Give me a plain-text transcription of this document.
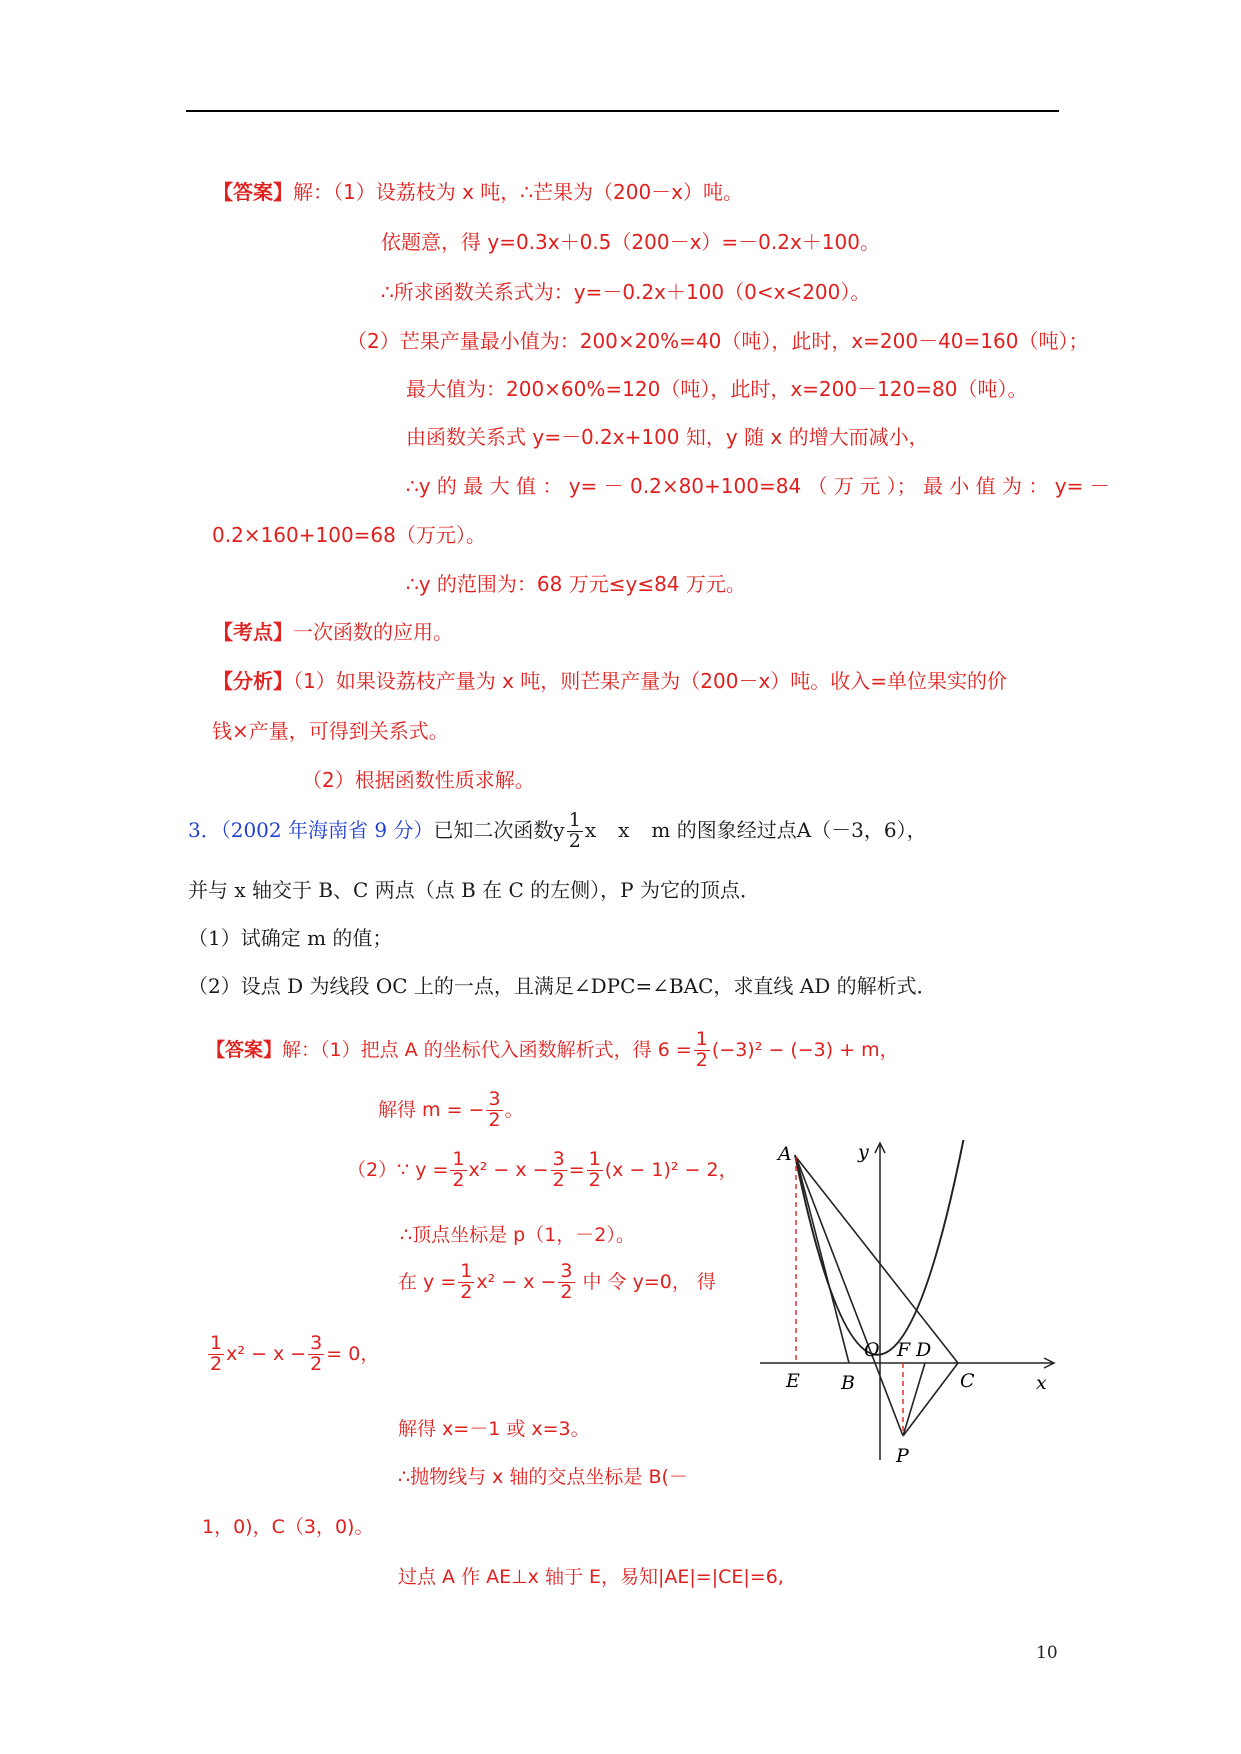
【答案】解：（1）设荔枝为 x 吨，∴芒果为（200－x）吨。
依题意，得 y=0.3x＋0.5（200－x）=－0.2x＋100。
∴所求函数关系式为：y=－0.2x＋100（0<x<200）。
（2）芒果产量最小值为：200×20%=40（吨），此时，x=200－40=160（吨）；
最大值为：200×60%=120（吨），此时，x=200－120=80（吨）。
由函数关系式 y=－0.2x+100 知，y 随 x 的增大而减小，
∴y 的 最 大 值 ： y= － 0.2×80+100=84 （ 万 元 ）； 最 小 值 为 ： y= －
0.2×160+100=68（万元）。
∴y 的范围为：68 万元≤y≤84 万元。
【考点】一次函数的应用。
【分析】（1）如果设荔枝产量为 x 吨，则芒果产量为（200－x）吨。收入=单位果实的价
钱×产量，可得到关系式。
（2）根据函数性质求解。
3．（2002 年海南省 9 分）已知二次函数y $\frac{1}{2}$ x x m 的图象经过点A（－3，6），
并与 x 轴交于 B、C 两点（点 B 在 C 的左侧），P 为它的顶点．
（1）试确定 m 的值；
（2）设点 D 为线段 OC 上的一点，且满足∠DPC=∠BAC，求直线 AD 的解析式．
【答案】解：（1）把点 A 的坐标代入函数解析式，得 $6 = \frac{1}{2} (-3)^2 - (-3) + m$，
解得 m = − $\frac{3}{2}$ 。
（2）∵ $y = \frac{1}{2} x^2 - x - \frac{3}{2} = \frac{1}{2} (x - 1)^2 - 2$，
∴顶点坐标是 p（1，－2）。
在 $y = \frac{1}{2} x^2 - x - \frac{3}{2}$ 中 令 y=0， 得
$\frac{1}{2} x^2 - x - \frac{3}{2} = 0$，
解得 x=－1 或 x=3。
∴抛物线与 x 轴的交点坐标是 B(－
1，0)，C（3，0)。
过点 A 作 AE⊥x 轴于 E，易知|AE|=|CE|=6,
A	y
O F D
E B	C	x
P
10
